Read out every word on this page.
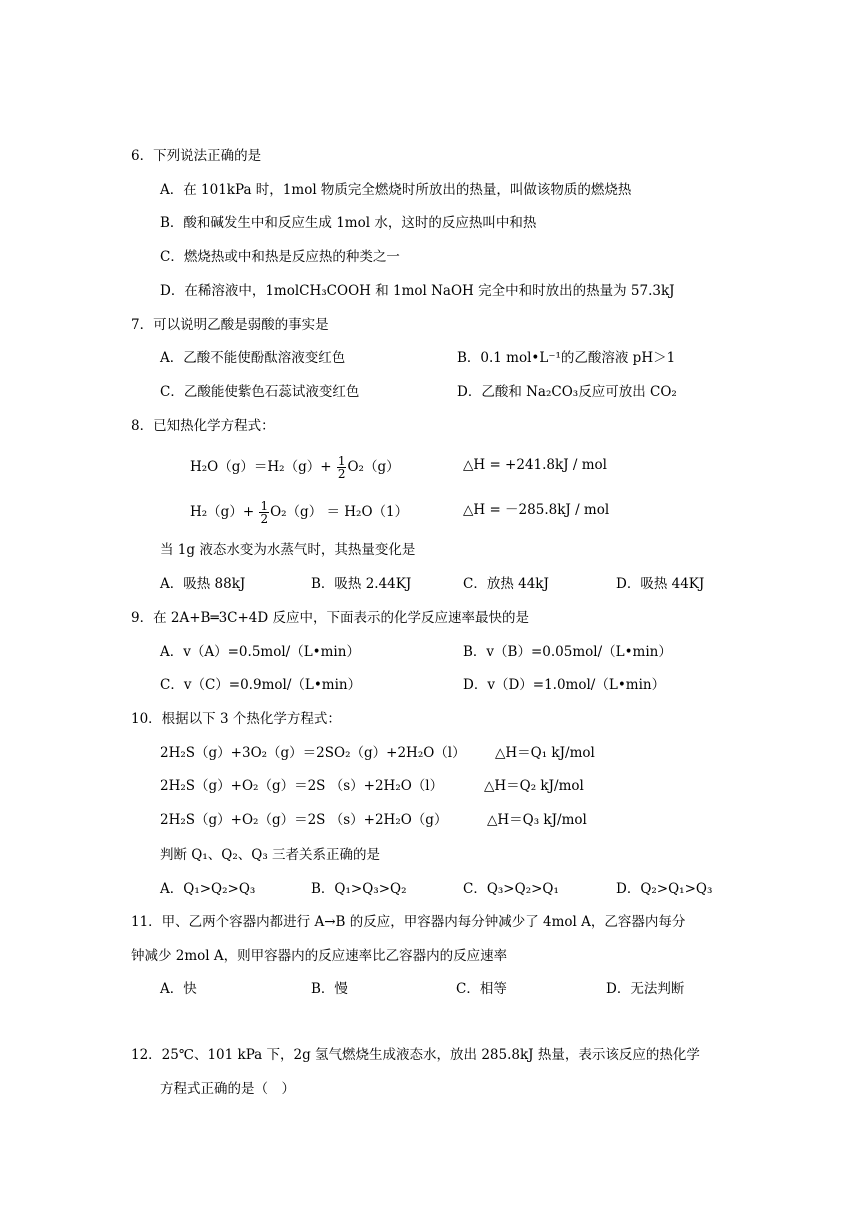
6．下列说法正确的是
A．在 101kPa 时，1mol 物质完全燃烧时所放出的热量，叫做该物质的燃烧热
B．酸和碱发生中和反应生成 1mol 水，这时的反应热叫中和热
C．燃烧热或中和热是反应热的种类之一
D．在稀溶液中，1molCH₃COOH 和 1mol NaOH 完全中和时放出的热量为 57.3kJ
7．可以说明乙酸是弱酸的事实是
A．乙酸不能使酚酞溶液变红色	B．0.1 mol•L⁻¹的乙酸溶液 pH＞1
C．乙酸能使紫色石蕊试液变红色	D．乙酸和 Na₂CO₃反应可放出 CO₂
8．已知热化学方程式：
$H_2O(g)=H_2(g)+ \frac{1}{2} O_2(g)$	△H = +241.8kJ / mol
$H_2(g)+ \frac{1}{2} O_2(g) = H_2O(1)$	△H = －285.8kJ / mol
当 1g 液态水变为水蒸气时，其热量变化是
A．吸热 88kJ	B．吸热 2.44KJ	C．放热 44kJ	D．吸热 44KJ
9．在 2A+B═3C+4D 反应中，下面表示的化学反应速率最快的是
A．v（A）=0.5mol/（L•min）	B．v（B）=0.05mol/（L•min）
C．v（C）=0.9mol/（L•min）	D．v（D）=1.0mol/（L•min）
10．根据以下 3 个热化学方程式：
2H₂S（g）+3O₂（g）＝2SO₂（g）+2H₂O（l） △H＝Q₁ kJ/mol
2H₂S（g）+O₂（g）＝2S （s）+2H₂O（l）	△H＝Q₂ kJ/mol
2H₂S（g）+O₂（g）＝2S （s）+2H₂O（g）	△H＝Q₃ kJ/mol
判断 Q₁、Q₂、Q₃ 三者关系正确的是
A．Q₁>Q₂>Q₃	B．Q₁>Q₃>Q₂	C．Q₃>Q₂>Q₁	D．Q₂>Q₁>Q₃
11．甲、乙两个容器内都进行 A→B 的反应，甲容器内每分钟减少了 4mol A，乙容器内每分
钟减少 2mol A，则甲容器内的反应速率比乙容器内的反应速率
A．快	B．慢	C．相等	D．无法判断
12．25℃、101 kPa 下，2g 氢气燃烧生成液态水，放出 285.8kJ 热量，表示该反应的热化学
方程式正确的是（　）
